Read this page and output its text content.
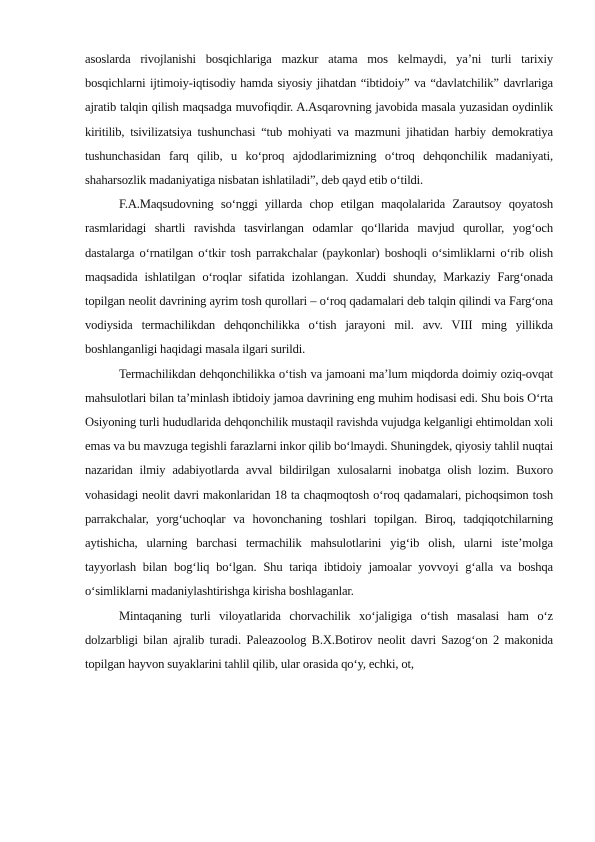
asoslarda rivojlanishi bosqichlariga mazkur atama mos kelmaydi, ya’ni turli tarixiy bosqichlarni ijtimoiy-iqtisodiy hamda siyosiy jihatdan “ibtidoiy” va “davlatchilik” davrlariga ajratib talqin qilish maqsadga muvofiqdir. A.Asqarovning javobida masala yuzasidan oydinlik kiritilib, tsivilizatsiya tushunchasi “tub mohiyati va mazmuni jihatidan harbiy demokratiya tushunchasidan farq qilib, u ko‘proq ajdodlarimizning o‘troq dehqonchilik madaniyati, shaharsozlik madaniyatiga nisbatan ishlatiladi”, deb qayd etib o‘tildi.

F.A.Maqsudovning so‘nggi yillarda chop etilgan maqolalarida Zarautsoy qoyatosh rasmlaridagi shartli ravishda tasvirlangan odamlar qo‘llarida mavjud qurollar, yog‘och dastalarga o‘rnatilgan o‘tkir tosh parrakchalar (paykonlar) boshoqli o‘simliklarni o‘rib olish maqsadida ishlatilgan o‘roqlar sifatida izohlangan. Xuddi shunday, Markaziy Farg‘onada topilgan neolit davrining ayrim tosh qurollari – o‘roq qadamalari deb talqin qilindi va Farg‘ona vodiysida termachilikdan dehqonchilikka o‘tish jarayoni mil. avv. VIII ming yillikda boshlanganligi haqidagi masala ilgari surildi.

Termachilikdan dehqonchilikka o‘tish va jamoani ma’lum miqdorda doimiy oziq-ovqat mahsulotlari bilan ta’minlash ibtidoiy jamoa davrining eng muhim hodisasi edi. Shu bois O‘rta Osiyoning turli hududlarida dehqonchilik mustaqil ravishda vujudga kelganligi ehtimoldan xoli emas va bu mavzuga tegishli farazlarni inkor qilib bo‘lmaydi. Shuningdek, qiyosiy tahlil nuqtai nazaridan ilmiy adabiyotlarda avval bildirilgan xulosalarni inobatga olish lozim. Buxoro vohasidagi neolit davri makonlaridan 18 ta chaqmoqtosh o‘roq qadamalari, pichoqsimon tosh parrakchalar, yorg‘uchoqlar va hovonchaning toshlari topilgan. Biroq, tadqiqotchilarning aytishicha, ularning barchasi termachilik mahsulotlarini yig‘ib olish, ularni iste’molga tayyorlash bilan bog‘liq bo‘lgan. Shu tariqa ibtidoiy jamoalar yovvoyi g‘alla va boshqa o‘simliklarni madaniylashtirishga kirisha boshlaganlar.

Mintaqaning turli viloyatlarida chorvachilik xo‘jaligiga o‘tish masalasi ham o‘z dolzarbligi bilan ajralib turadi. Paleazoolog B.X.Botirov neolit davri Sazog‘on 2 makonida topilgan hayvon suyaklarini tahlil qilib, ular orasida qo‘y, echki, ot,
